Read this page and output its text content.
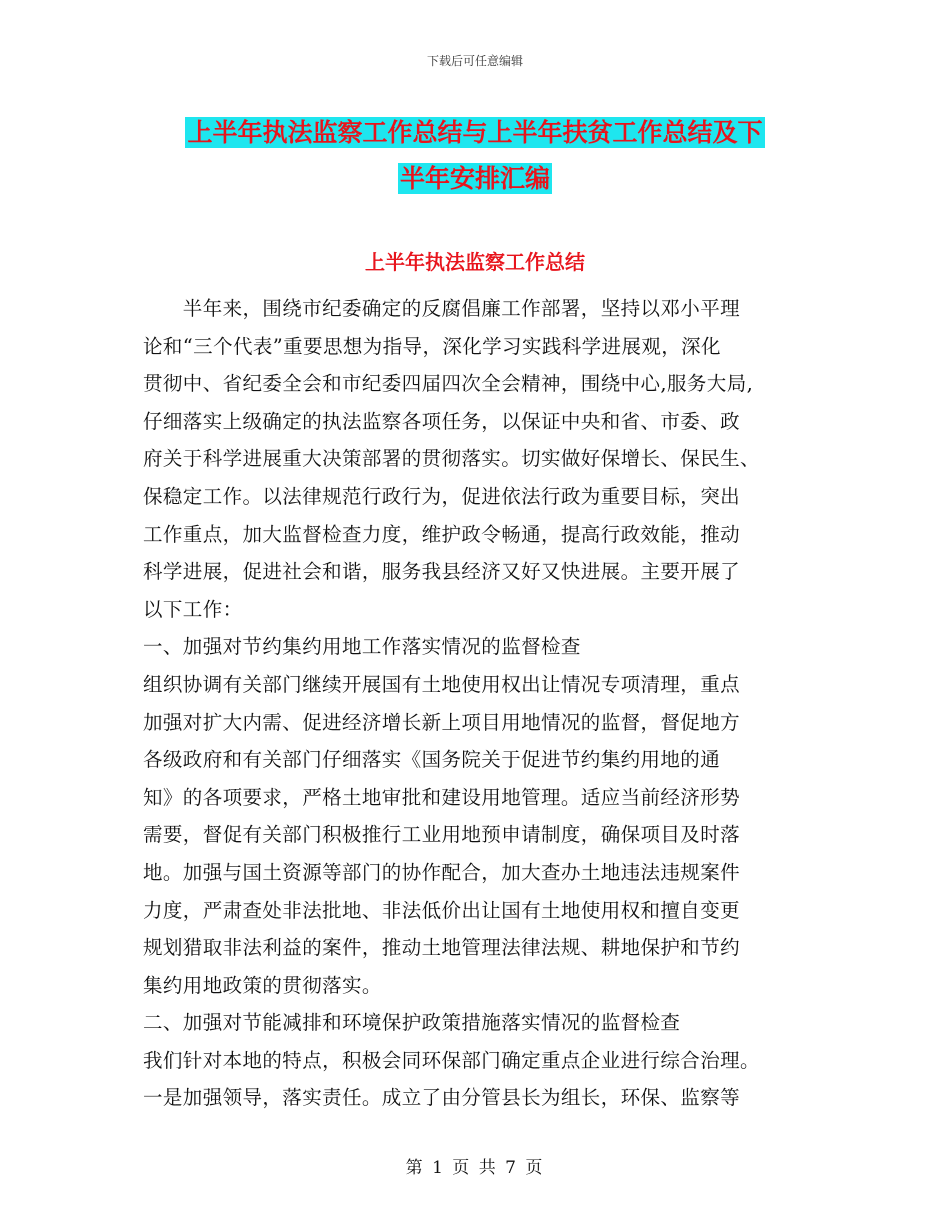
下载后可任意编辑
上半年执法监察工作总结与上半年扶贫工作总结及下
半年安排汇编
上半年执法监察工作总结
　　半年来，围绕市纪委确定的反腐倡廉工作部署，坚持以邓小平理
论和“三个代表”重要思想为指导，深化学习实践科学进展观，深化
贯彻中、省纪委全会和市纪委四届四次全会精神，围绕中心,服务大局,
仔细落实上级确定的执法监察各项任务，以保证中央和省、市委、政
府关于科学进展重大决策部署的贯彻落实。切实做好保增长、保民生、
保稳定工作。以法律规范行政行为，促进依法行政为重要目标，突出
工作重点，加大监督检查力度，维护政令畅通，提高行政效能，推动
科学进展，促进社会和谐，服务我县经济又好又快进展。主要开展了
以下工作：
一、加强对节约集约用地工作落实情况的监督检查
组织协调有关部门继续开展国有土地使用权出让情况专项清理，重点
加强对扩大内需、促进经济增长新上项目用地情况的监督，督促地方
各级政府和有关部门仔细落实《国务院关于促进节约集约用地的通
知》的各项要求，严格土地审批和建设用地管理。适应当前经济形势
需要，督促有关部门积极推行工业用地预申请制度，确保项目及时落
地。加强与国土资源等部门的协作配合，加大查办土地违法违规案件
力度，严肃查处非法批地、非法低价出让国有土地使用权和擅自变更
规划猎取非法利益的案件，推动土地管理法律法规、耕地保护和节约
集约用地政策的贯彻落实。
二、加强对节能减排和环境保护政策措施落实情况的监督检查
我们针对本地的特点，积极会同环保部门确定重点企业进行综合治理。
一是加强领导，落实责任。成立了由分管县长为组长，环保、监察等
第 1 页 共 7 页
